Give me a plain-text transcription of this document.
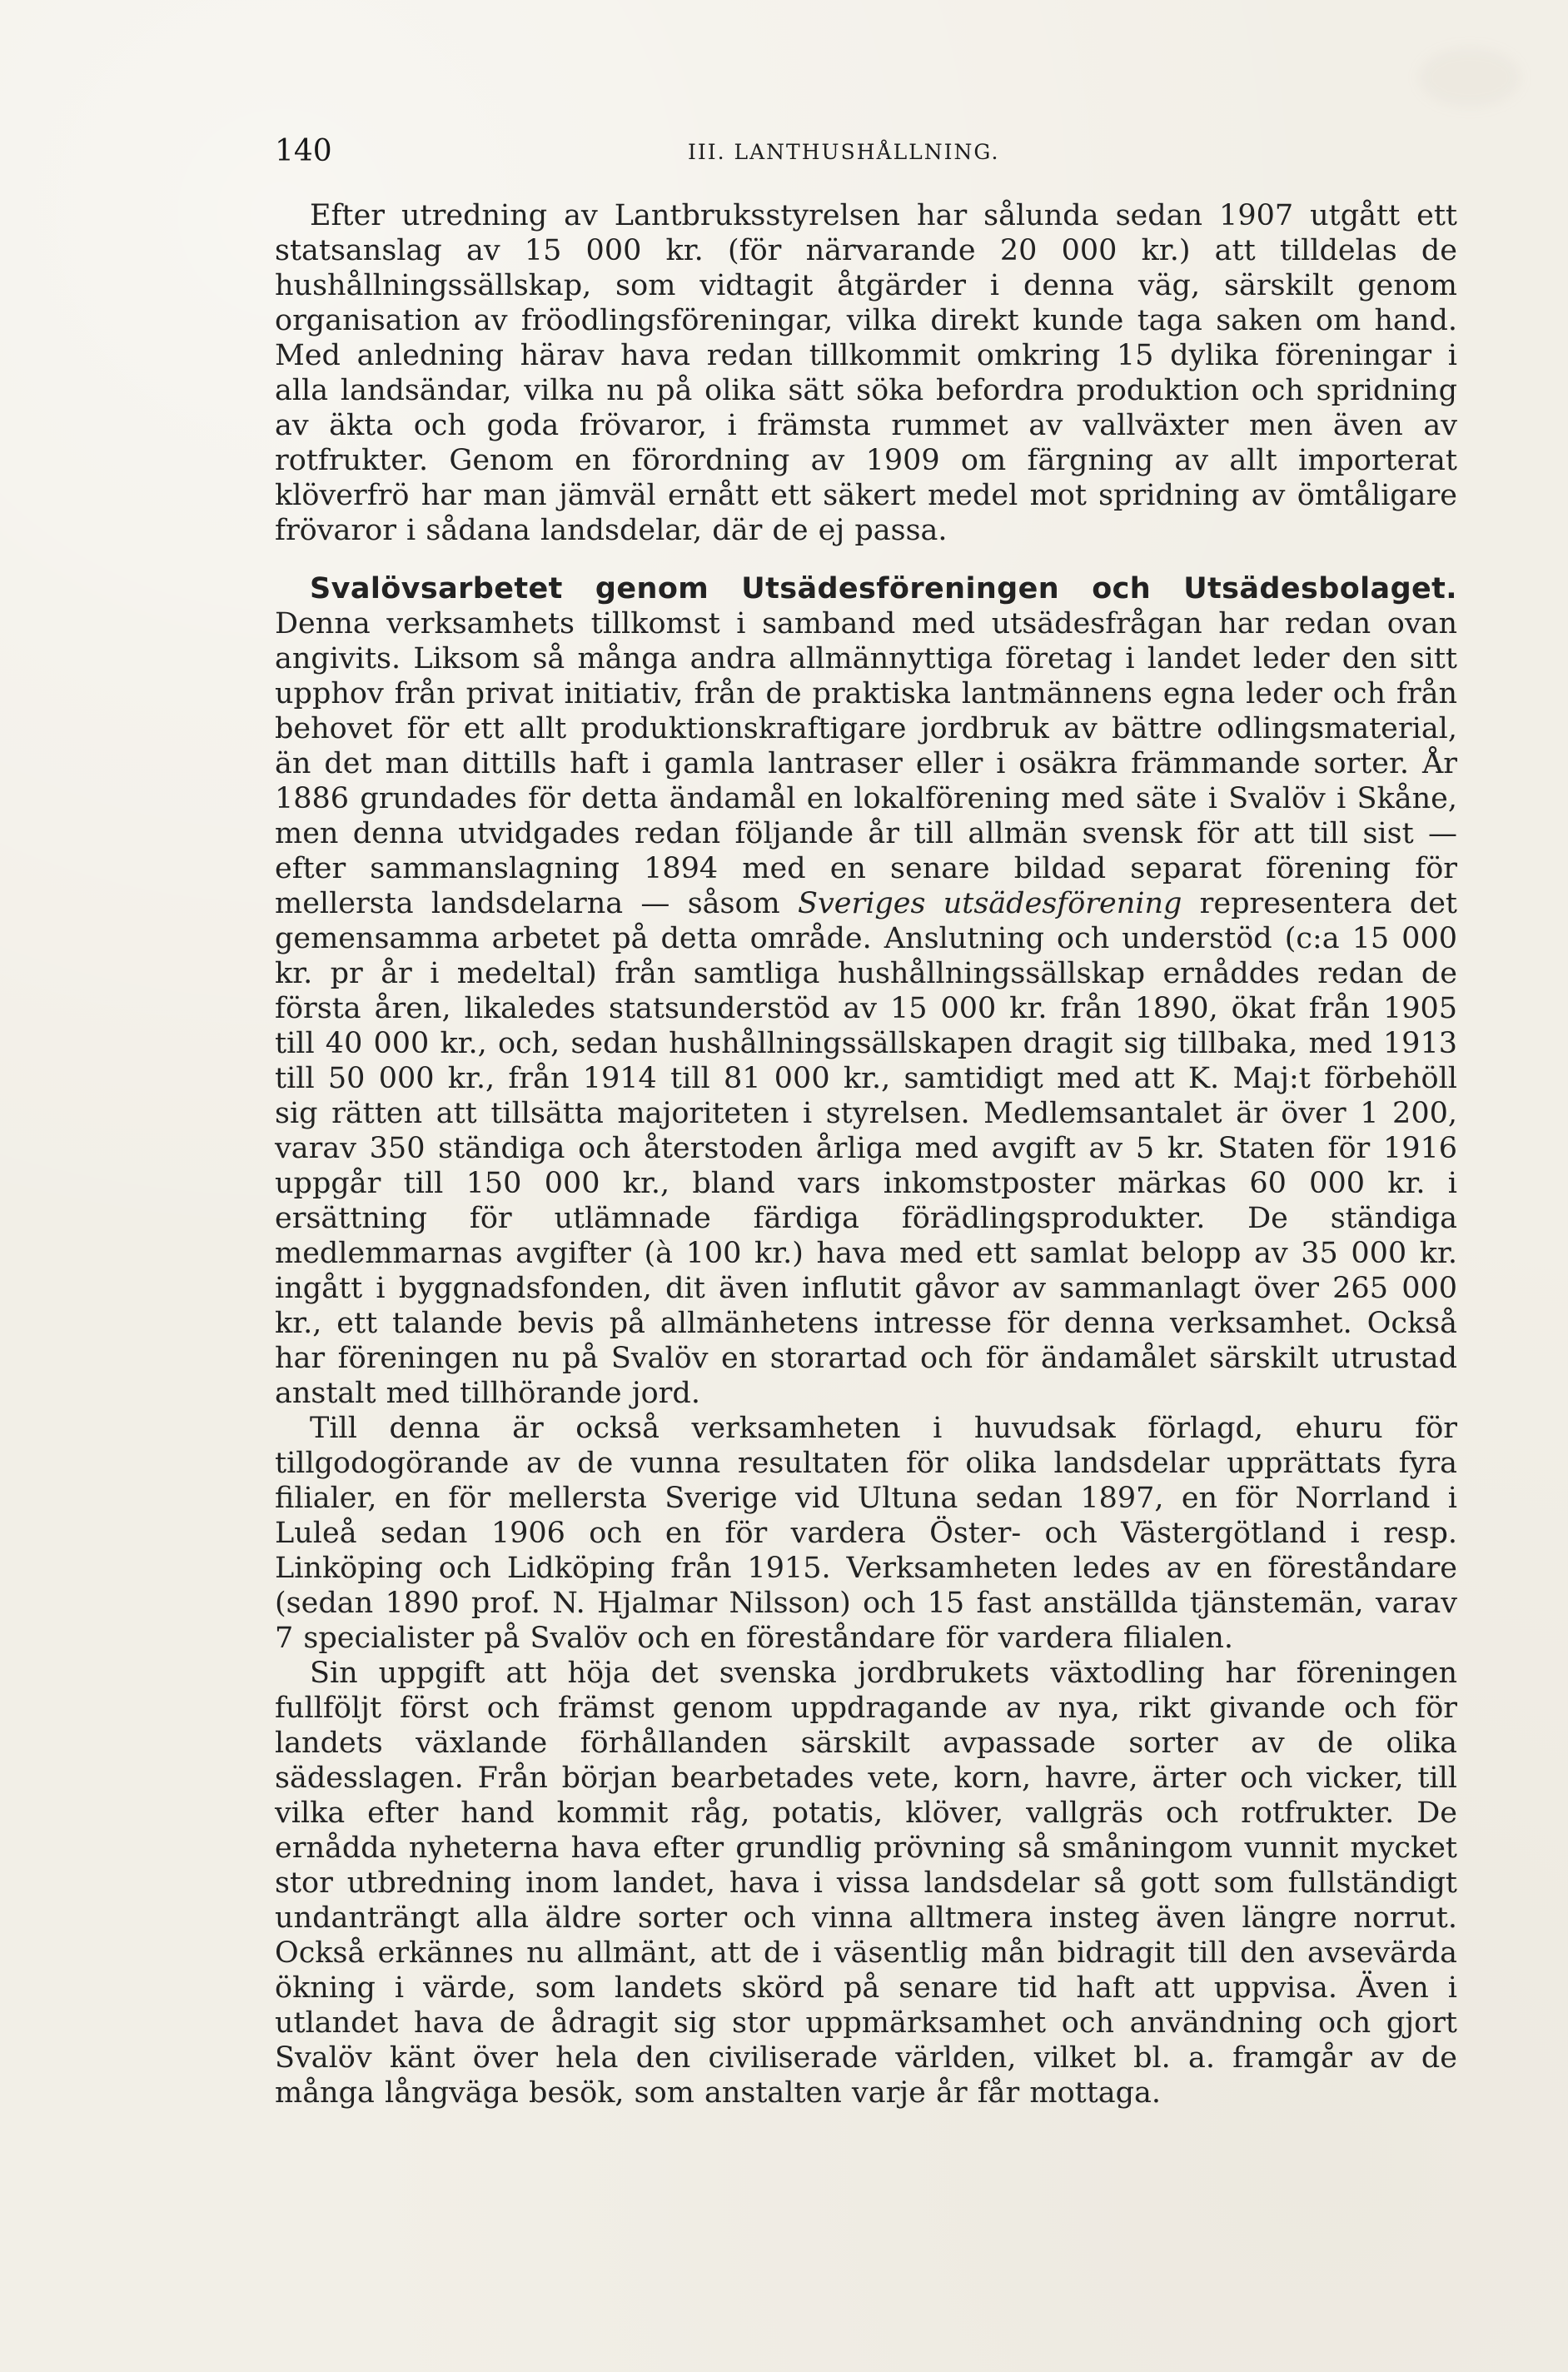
140	III. LANTHUSHÅLLNING.

Efter utredning av Lantbruksstyrelsen har sålunda sedan 1907 utgått ett statsanslag av 15 000 kr. (för närvarande 20 000 kr.) att tilldelas de hushållningssällskap, som vidtagit åtgärder i denna väg, särskilt genom organisation av fröodlingsföreningar, vilka direkt kunde taga saken om hand. Med anledning härav hava redan tillkommit omkring 15 dylika föreningar i alla landsändar, vilka nu på olika sätt söka befordra produktion och spridning av äkta och goda frövaror, i främsta rummet av vallväxter men även av rotfrukter. Genom en förordning av 1909 om färgning av allt importerat klöverfrö har man jämväl ernått ett säkert medel mot spridning av ömtåligare frövaror i sådana landsdelar, där de ej passa.

Svalövsarbetet genom Utsädesföreningen och Utsädesbolaget. Denna verksamhets tillkomst i samband med utsädesfrågan har redan ovan angivits. Liksom så många andra allmännyttiga företag i landet leder den sitt upphov från privat initiativ, från de praktiska lantmännens egna leder och från behovet för ett allt produktionskraftigare jordbruk av bättre odlingsmaterial, än det man dittills haft i gamla lantraser eller i osäkra främmande sorter. År 1886 grundades för detta ändamål en lokalförening med säte i Svalöv i Skåne, men denna utvidgades redan följande år till allmän svensk för att till sist — efter sammanslagning 1894 med en senare bildad separat förening för mellersta landsdelarna — såsom Sveriges utsädesförening representera det gemensamma arbetet på detta område. Anslutning och understöd (c:a 15 000 kr. pr år i medeltal) från samtliga hushållningssällskap ernåddes redan de första åren, likaledes statsunderstöd av 15 000 kr. från 1890, ökat från 1905 till 40 000 kr., och, sedan hushållningssällskapen dragit sig tillbaka, med 1913 till 50 000 kr., från 1914 till 81 000 kr., samtidigt med att K. Maj:t förbehöll sig rätten att tillsätta majoriteten i styrelsen. Medlemsantalet är över 1 200, varav 350 ständiga och återstoden årliga med avgift av 5 kr. Staten för 1916 uppgår till 150 000 kr., bland vars inkomstposter märkas 60 000 kr. i ersättning för utlämnade färdiga förädlingsprodukter. De ständiga medlemmarnas avgifter (à 100 kr.) hava med ett samlat belopp av 35 000 kr. ingått i byggnadsfonden, dit även influtit gåvor av sammanlagt över 265 000 kr., ett talande bevis på allmänhetens intresse för denna verksamhet. Också har föreningen nu på Svalöv en storartad och för ändamålet särskilt utrustad anstalt med tillhörande jord.

Till denna är också verksamheten i huvudsak förlagd, ehuru för tillgodogörande av de vunna resultaten för olika landsdelar upprättats fyra filialer, en för mellersta Sverige vid Ultuna sedan 1897, en för Norrland i Luleå sedan 1906 och en för vardera Öster- och Västergötland i resp. Linköping och Lidköping från 1915. Verksamheten ledes av en föreståndare (sedan 1890 prof. N. Hjalmar Nilsson) och 15 fast anställda tjänstemän, varav 7 specialister på Svalöv och en föreståndare för vardera filialen.

Sin uppgift att höja det svenska jordbrukets växtodling har föreningen fullföljt först och främst genom uppdragande av nya, rikt givande och för landets växlande förhållanden särskilt avpassade sorter av de olika sädesslagen. Från början bearbetades vete, korn, havre, ärter och vicker, till vilka efter hand kommit råg, potatis, klöver, vallgräs och rotfrukter. De ernådda nyheterna hava efter grundlig prövning så småningom vunnit mycket stor utbredning inom landet, hava i vissa landsdelar så gott som fullständigt undanträngt alla äldre sorter och vinna alltmera insteg även längre norrut. Också erkännes nu allmänt, att de i väsentlig mån bidragit till den avsevärda ökning i värde, som landets skörd på senare tid haft att uppvisa. Även i utlandet hava de ådragit sig stor uppmärksamhet och användning och gjort Svalöv känt över hela den civiliserade världen, vilket bl. a. framgår av de många långväga besök, som anstalten varje år får mottaga.
